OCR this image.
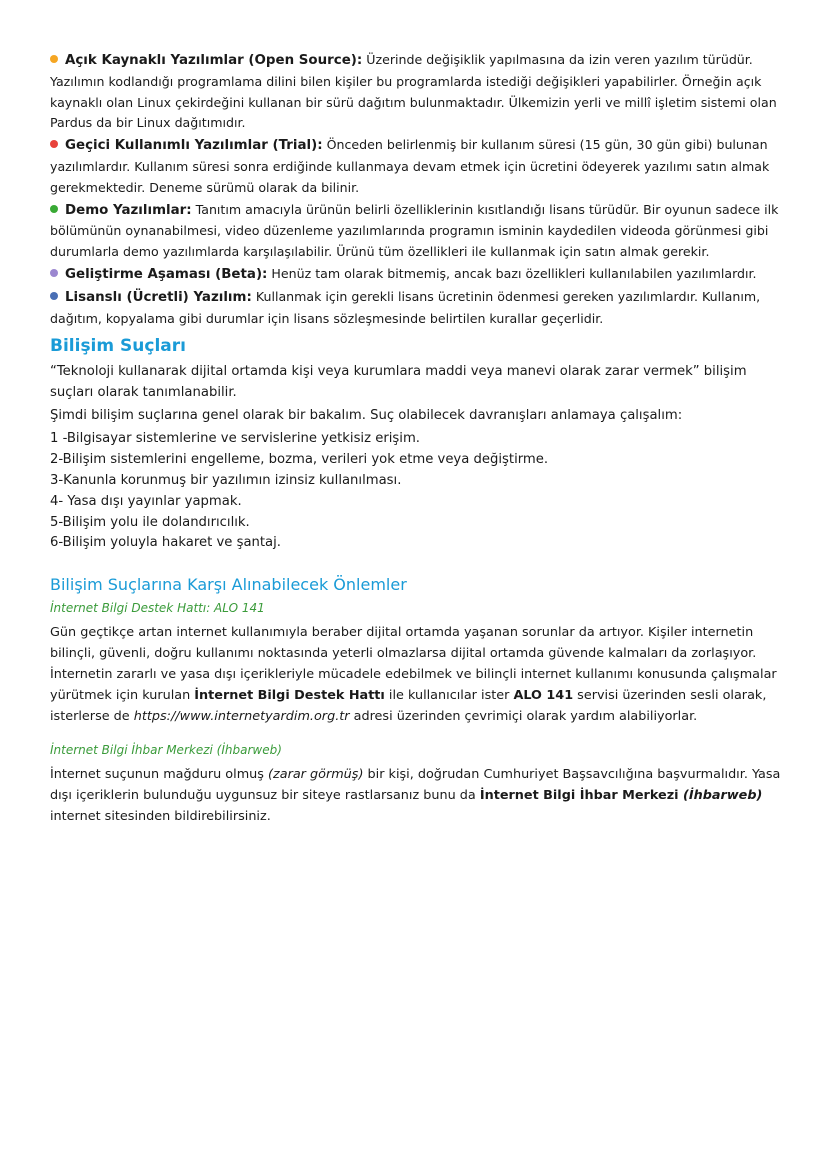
Açık Kaynaklı Yazılımlar (Open Source): Üzerinde değişiklik yapılmasına da izin veren yazılım türüdür. Yazılımın kodlandığı programlama dilini bilen kişiler bu programlarda istediği değişikleri yapabilirler. Örneğin açık kaynaklı olan Linux çekirdeğini kullanan bir sürü dağıtım bulunmaktadır. Ülkemizin yerli ve millî işletim sistemi olan Pardus da bir Linux dağıtımıdır.
Geçici Kullanımlı Yazılımlar (Trial): Önceden belirlenmiş bir kullanım süresi (15 gün, 30 gün gibi) bulunan yazılımlardır. Kullanım süresi sonra erdiğinde kullanmaya devam etmek için ücretini ödeyerek yazılımı satın almak gerekmektedir. Deneme sürümü olarak da bilinir.
Demo Yazılımlar: Tanıtım amacıyla ürünün belirli özelliklerinin kısıtlandığı lisans türüdür. Bir oyunun sadece ilk bölümünün oynanabilmesi, video düzenleme yazılımlarında programın isminin kaydedilen videoda görünmesi gibi durumlarla demo yazılımlarda karşılaşılabilir. Ürünü tüm özellikleri ile kullanmak için satın almak gerekir.
Geliştirme Aşaması (Beta): Henüz tam olarak bitmemiş, ancak bazı özellikleri kullanılabilen yazılımlardır.
Lisanslı (Ücretli) Yazılım: Kullanmak için gerekli lisans ücretinin ödenmesi gereken yazılımlardır. Kullanım, dağıtım, kopyalama gibi durumlar için lisans sözleşmesinde belirtilen kurallar geçerlidir.
Bilişim Suçları

“Teknoloji kullanarak dijital ortamda kişi veya kurumlara maddi veya manevi olarak zarar vermek” bilişim suçları olarak tanımlanabilir.

Şimdi bilişim suçlarına genel olarak bir bakalım. Suç olabilecek davranışları anlamaya çalışalım:

1 -Bilgisayar sistemlerine ve servislerine yetkisiz erişim.
2-Bilişim sistemlerini engelleme, bozma, verileri yok etme veya değiştirme.
3-Kanunla korunmuş bir yazılımın izinsiz kullanılması.
4- Yasa dışı yayınlar yapmak.
5-Bilişim yolu ile dolandırıcılık.
6-Bilişim yoluyla hakaret ve şantaj.
Bilişim Suçlarına Karşı Alınabilecek Önlemler
İnternet Bilgi Destek Hattı: ALO 141

Gün geçtikçe artan internet kullanımıyla beraber dijital ortamda yaşanan sorunlar da artıyor. Kişiler internetin bilinçli, güvenli, doğru kullanımı noktasında yeterli olmazlarsa dijital ortamda güvende kalmaları da zorlaşıyor. İnternetin zararlı ve yasa dışı içerikleriyle mücadele edebilmek ve bilinçli internet kullanımı konusunda çalışmalar yürütmek için kurulan İnternet Bilgi Destek Hattı ile kullanıcılar ister ALO 141 servisi üzerinden sesli olarak, isterlerse de https://www.internetyardim.org.tr adresi üzerinden çevrimiçi olarak yardım alabiliyorlar.

İnternet Bilgi İhbar Merkezi (İhbarweb)

İnternet suçunun mağduru olmuş (zarar görmüş) bir kişi, doğrudan Cumhuriyet Başsavcılığına başvurmalıdır. Yasa dışı içeriklerin bulunduğu uygunsuz bir siteye rastlarsanız bunu da İnternet Bilgi İhbar Merkezi (İhbarweb) internet sitesinden bildirebilirsiniz.
